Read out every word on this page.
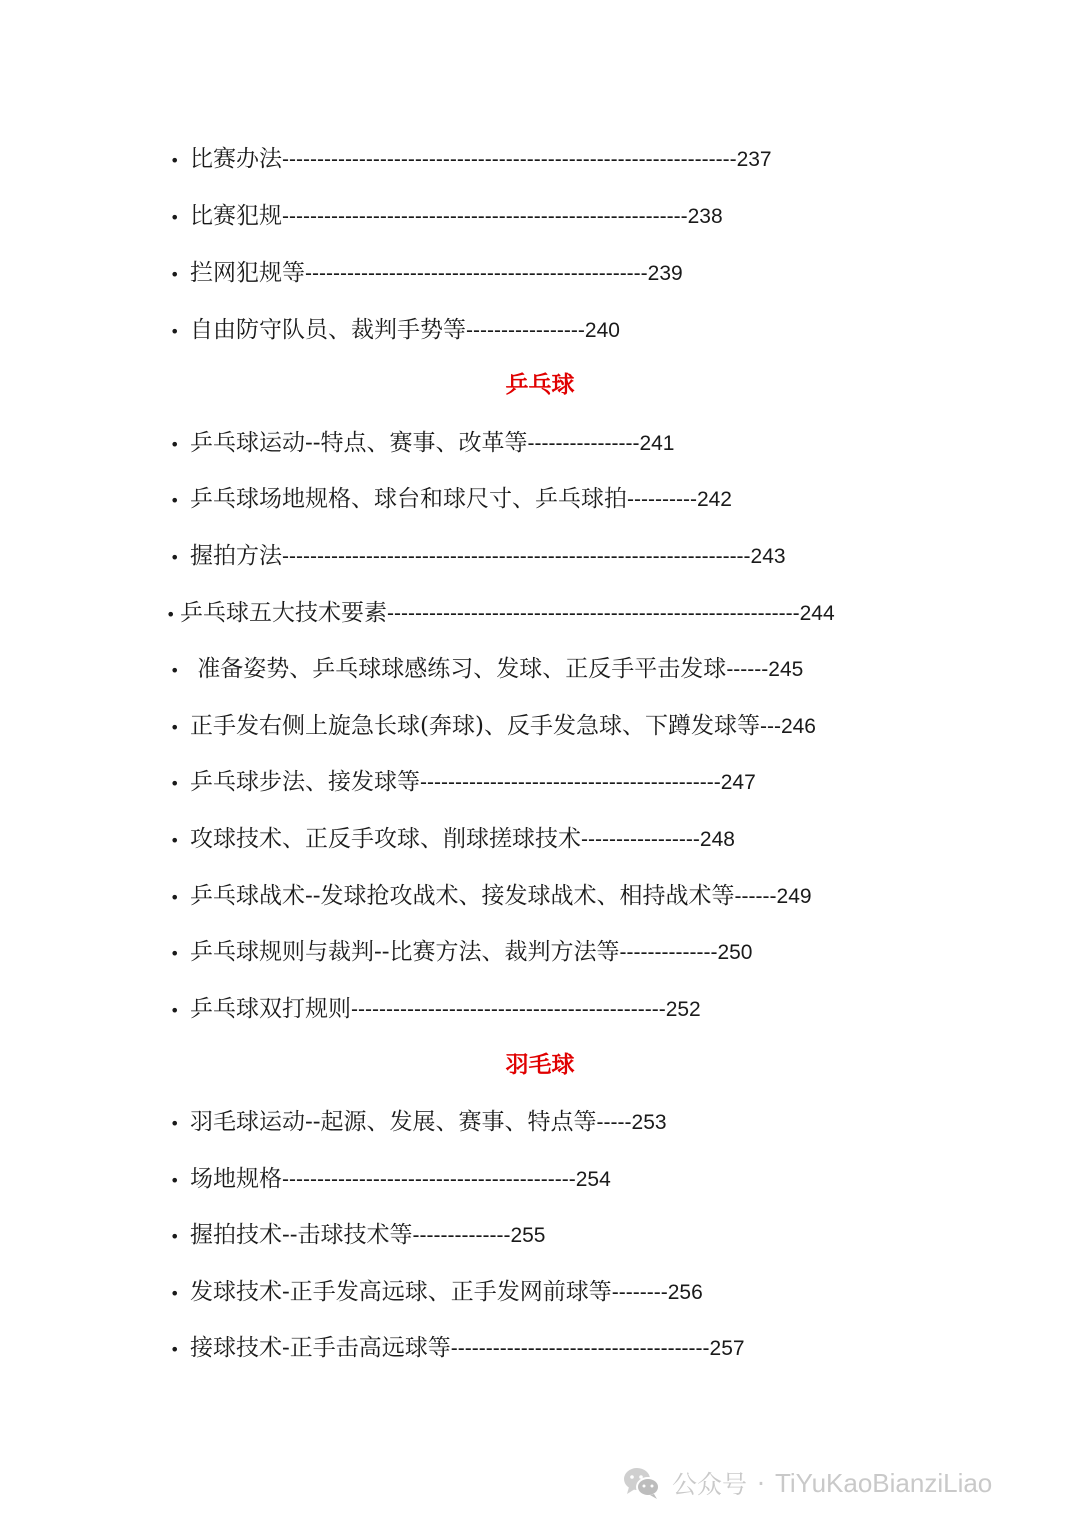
• 比赛办法-----------------------------------------------------------------237
• 比赛犯规----------------------------------------------------------238
• 拦网犯规等-------------------------------------------------239
• 自由防守队员、裁判手势等-----------------240
乒乓球
• 乒乓球运动--特点、赛事、改革等----------------241
• 乒乓球场地规格、球台和球尺寸、乒乓球拍----------242
• 握拍方法-------------------------------------------------------------------243
• 乒乓球五大技术要素-----------------------------------------------------------244
• 准备姿势、乒乓球球感练习、发球、正反手平击发球------245
• 正手发右侧上旋急长球(奔球)、反手发急球、下蹲发球等---246
• 乒乓球步法、接发球等-------------------------------------------247
• 攻球技术、正反手攻球、削球搓球技术-----------------248
• 乒乓球战术--发球抢攻战术、接发球战术、相持战术等------249
• 乒乓球规则与裁判--比赛方法、裁判方法等--------------250
• 乒乓球双打规则---------------------------------------------252
羽毛球
• 羽毛球运动--起源、发展、赛事、特点等-----253
• 场地规格------------------------------------------254
• 握拍技术--击球技术等--------------255
• 发球技术-正手发高远球、正手发网前球等--------256
• 接球技术-正手击高远球等-------------------------------------257
公众号 · TiYuKaoBianziLiao
